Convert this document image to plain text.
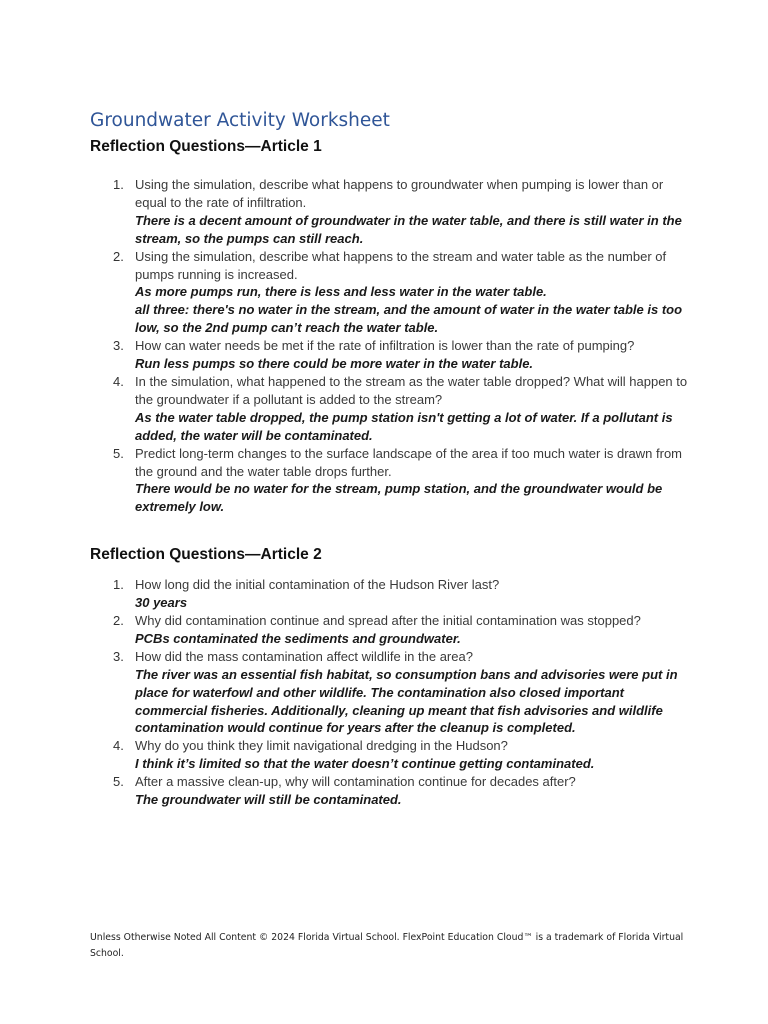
Groundwater Activity Worksheet
Reflection Questions—Article 1
1. Using the simulation, describe what happens to groundwater when pumping is lower than or equal to the rate of infiltration.
There is a decent amount of groundwater in the water table, and there is still water in the stream, so the pumps can still reach.
2. Using the simulation, describe what happens to the stream and water table as the number of pumps running is increased.
As more pumps run, there is less and less water in the water table.
all three: there's no water in the stream, and the amount of water in the water table is too low, so the 2nd pump can’t reach the water table.
3. How can water needs be met if the rate of infiltration is lower than the rate of pumping?
Run less pumps so there could be more water in the water table.
4. In the simulation, what happened to the stream as the water table dropped? What will happen to the groundwater if a pollutant is added to the stream?
As the water table dropped, the pump station isn't getting a lot of water. If a pollutant is added, the water will be contaminated.
5. Predict long-term changes to the surface landscape of the area if too much water is drawn from the ground and the water table drops further.
There would be no water for the stream, pump station, and the groundwater would be extremely low.
Reflection Questions—Article 2
1. How long did the initial contamination of the Hudson River last?
30 years
2. Why did contamination continue and spread after the initial contamination was stopped?
PCBs contaminated the sediments and groundwater.
3. How did the mass contamination affect wildlife in the area?
The river was an essential fish habitat, so consumption bans and advisories were put in place for waterfowl and other wildlife. The contamination also closed important commercial fisheries. Additionally, cleaning up meant that fish advisories and wildlife contamination would continue for years after the cleanup is completed.
4. Why do you think they limit navigational dredging in the Hudson?
I think it’s limited so that the water doesn’t continue getting contaminated.
5. After a massive clean-up, why will contamination continue for decades after?
The groundwater will still be contaminated.
Unless Otherwise Noted All Content © 2024 Florida Virtual School. FlexPoint Education Cloud™ is a trademark of Florida Virtual School.
